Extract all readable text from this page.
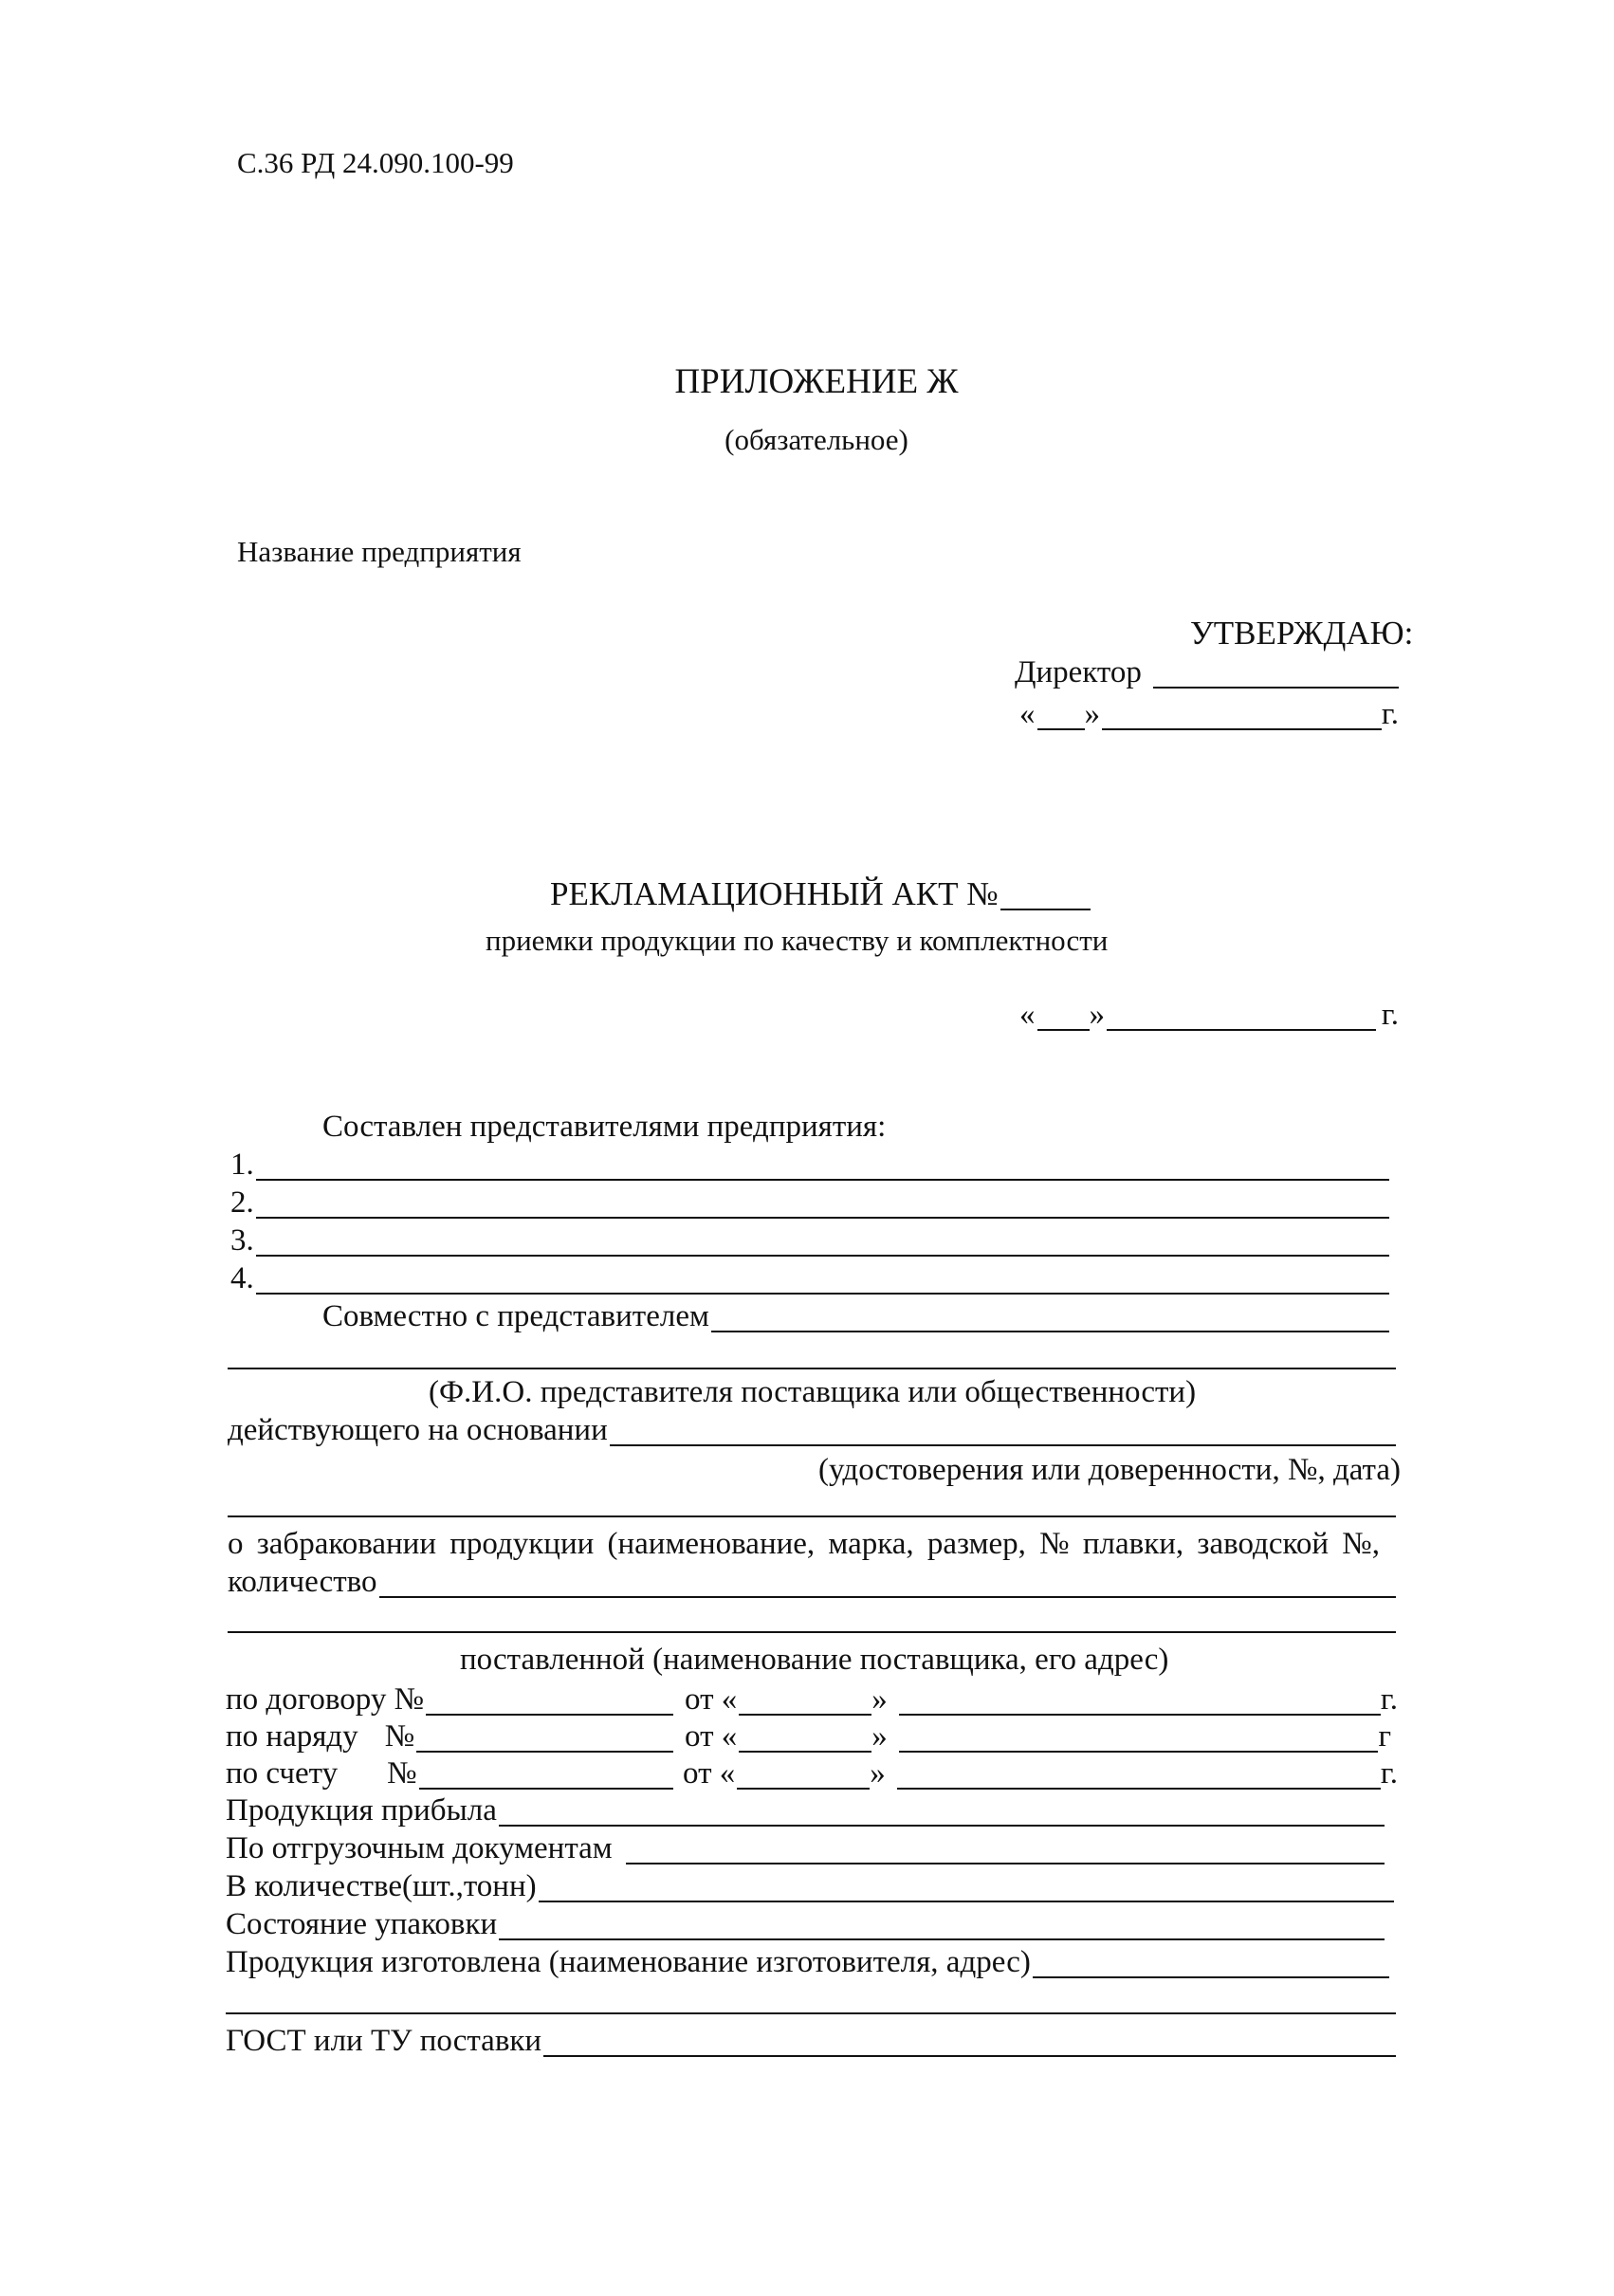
С.36 РД 24.090.100-99
ПРИЛОЖЕНИЕ Ж
(обязательное)
Название предприятия
УТВЕРЖДАЮ:
Директор
« »	г.
РЕКЛАМАЦИОННЫЙ АКТ №
приемки продукции по качеству и комплектности
« »	г.
Составлен представителями предприятия:
1.
2.
3.
4.
Совместно с представителем
(Ф.И.О. представителя поставщика или общественности)
действующего на основании
(удостоверения или доверенности, №, дата)
о забраковании продукции (наименование, марка, размер, № плавки, заводской №,
количество
поставленной (наименование поставщика, его адрес)
по договору №	от «	»	г.
по наряду №	от «	»	г
по счету №	от «	»	г.
Продукция прибыла
По отгрузочным документам
В количестве(шт.,тонн)
Состояние упаковки
Продукция изготовлена (наименование изготовителя, адрес)
ГОСТ или ТУ поставки
